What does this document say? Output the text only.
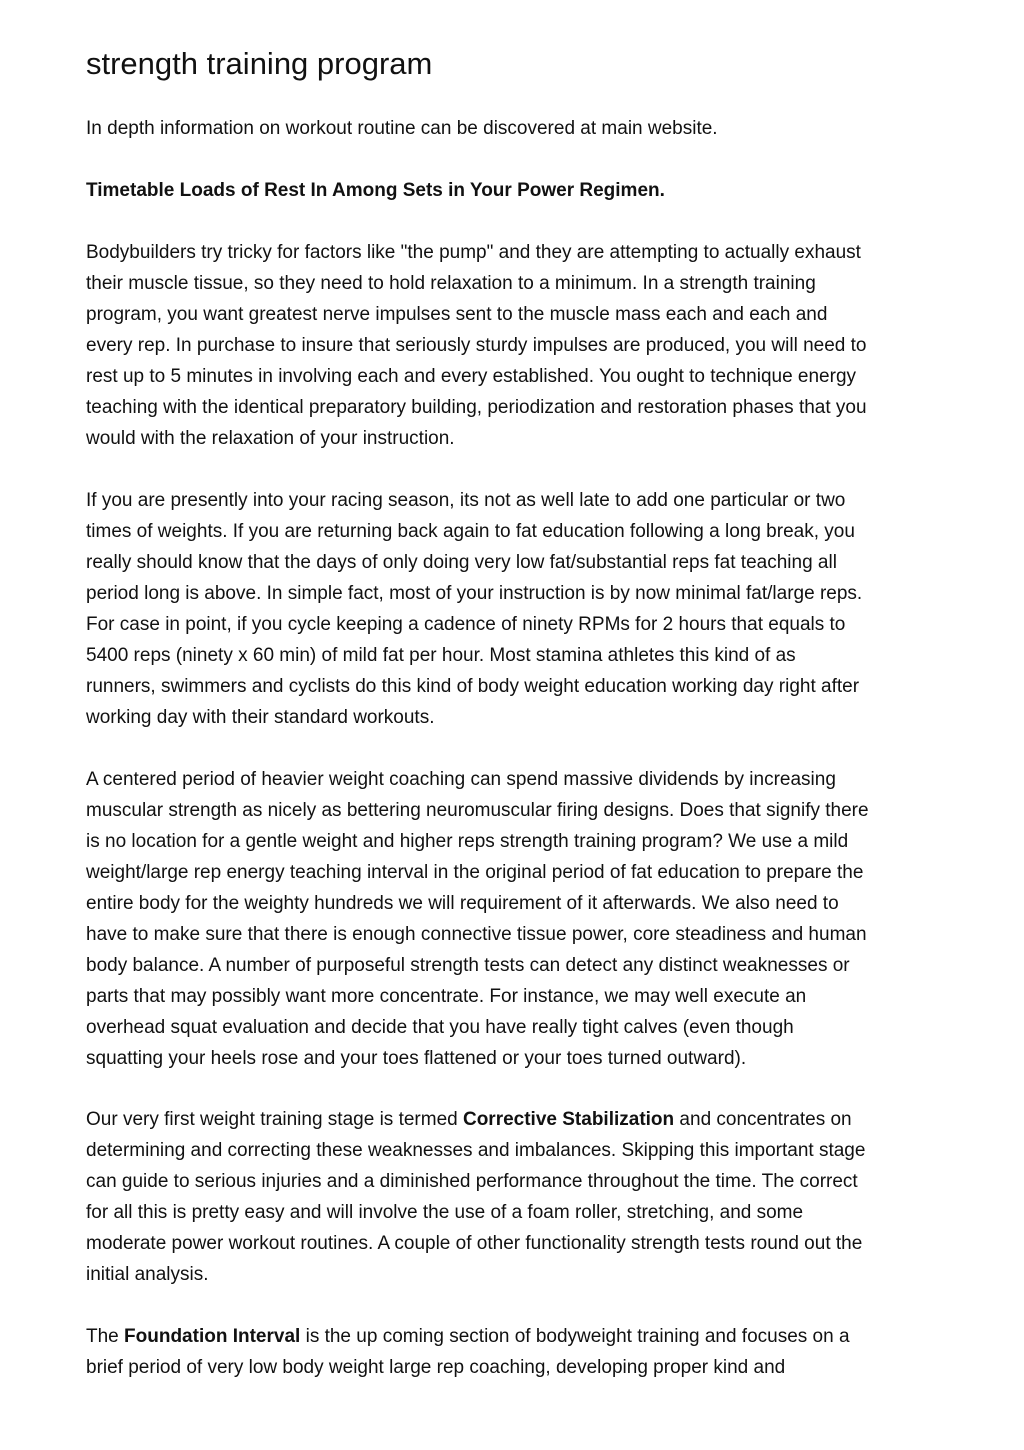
strength training program

In depth information on workout routine can be discovered at main website.

Timetable Loads of Rest In Among Sets in Your Power Regimen.

Bodybuilders try tricky for factors like "the pump" and they are attempting to actually exhaust
their muscle tissue, so they need to hold relaxation to a minimum. In a strength training
program, you want greatest nerve impulses sent to the muscle mass each and each and
every rep. In purchase to insure that seriously sturdy impulses are produced, you will need to
rest up to 5 minutes in involving each and every established. You ought to technique energy
teaching with the identical preparatory building, periodization and restoration phases that you
would with the relaxation of your instruction.

If you are presently into your racing season, its not as well late to add one particular or two
times of weights. If you are returning back again to fat education following a long break, you
really should know that the days of only doing very low fat/substantial reps fat teaching all
period long is above. In simple fact, most of your instruction is by now minimal fat/large reps.
For case in point, if you cycle keeping a cadence of ninety RPMs for 2 hours that equals to
5400 reps (ninety x 60 min) of mild fat per hour. Most stamina athletes this kind of as
runners, swimmers and cyclists do this kind of body weight education working day right after
working day with their standard workouts.

A centered period of heavier weight coaching can spend massive dividends by increasing
muscular strength as nicely as bettering neuromuscular firing designs. Does that signify there
is no location for a gentle weight and higher reps strength training program? We use a mild
weight/large rep energy teaching interval in the original period of fat education to prepare the
entire body for the weighty hundreds we will requirement of it afterwards. We also need to
have to make sure that there is enough connective tissue power, core steadiness and human
body balance. A number of purposeful strength tests can detect any distinct weaknesses or
parts that may possibly want more concentrate. For instance, we may well execute an
overhead squat evaluation and decide that you have really tight calves (even though
squatting your heels rose and your toes flattened or your toes turned outward).

Our very first weight training stage is termed Corrective Stabilization and concentrates on
determining and correcting these weaknesses and imbalances. Skipping this important stage
can guide to serious injuries and a diminished performance throughout the time. The correct
for all this is pretty easy and will involve the use of a foam roller, stretching, and some
moderate power workout routines. A couple of other functionality strength tests round out the
initial analysis.

The Foundation Interval is the up coming section of bodyweight training and focuses on a
brief period of very low body weight large rep coaching, developing proper kind and
